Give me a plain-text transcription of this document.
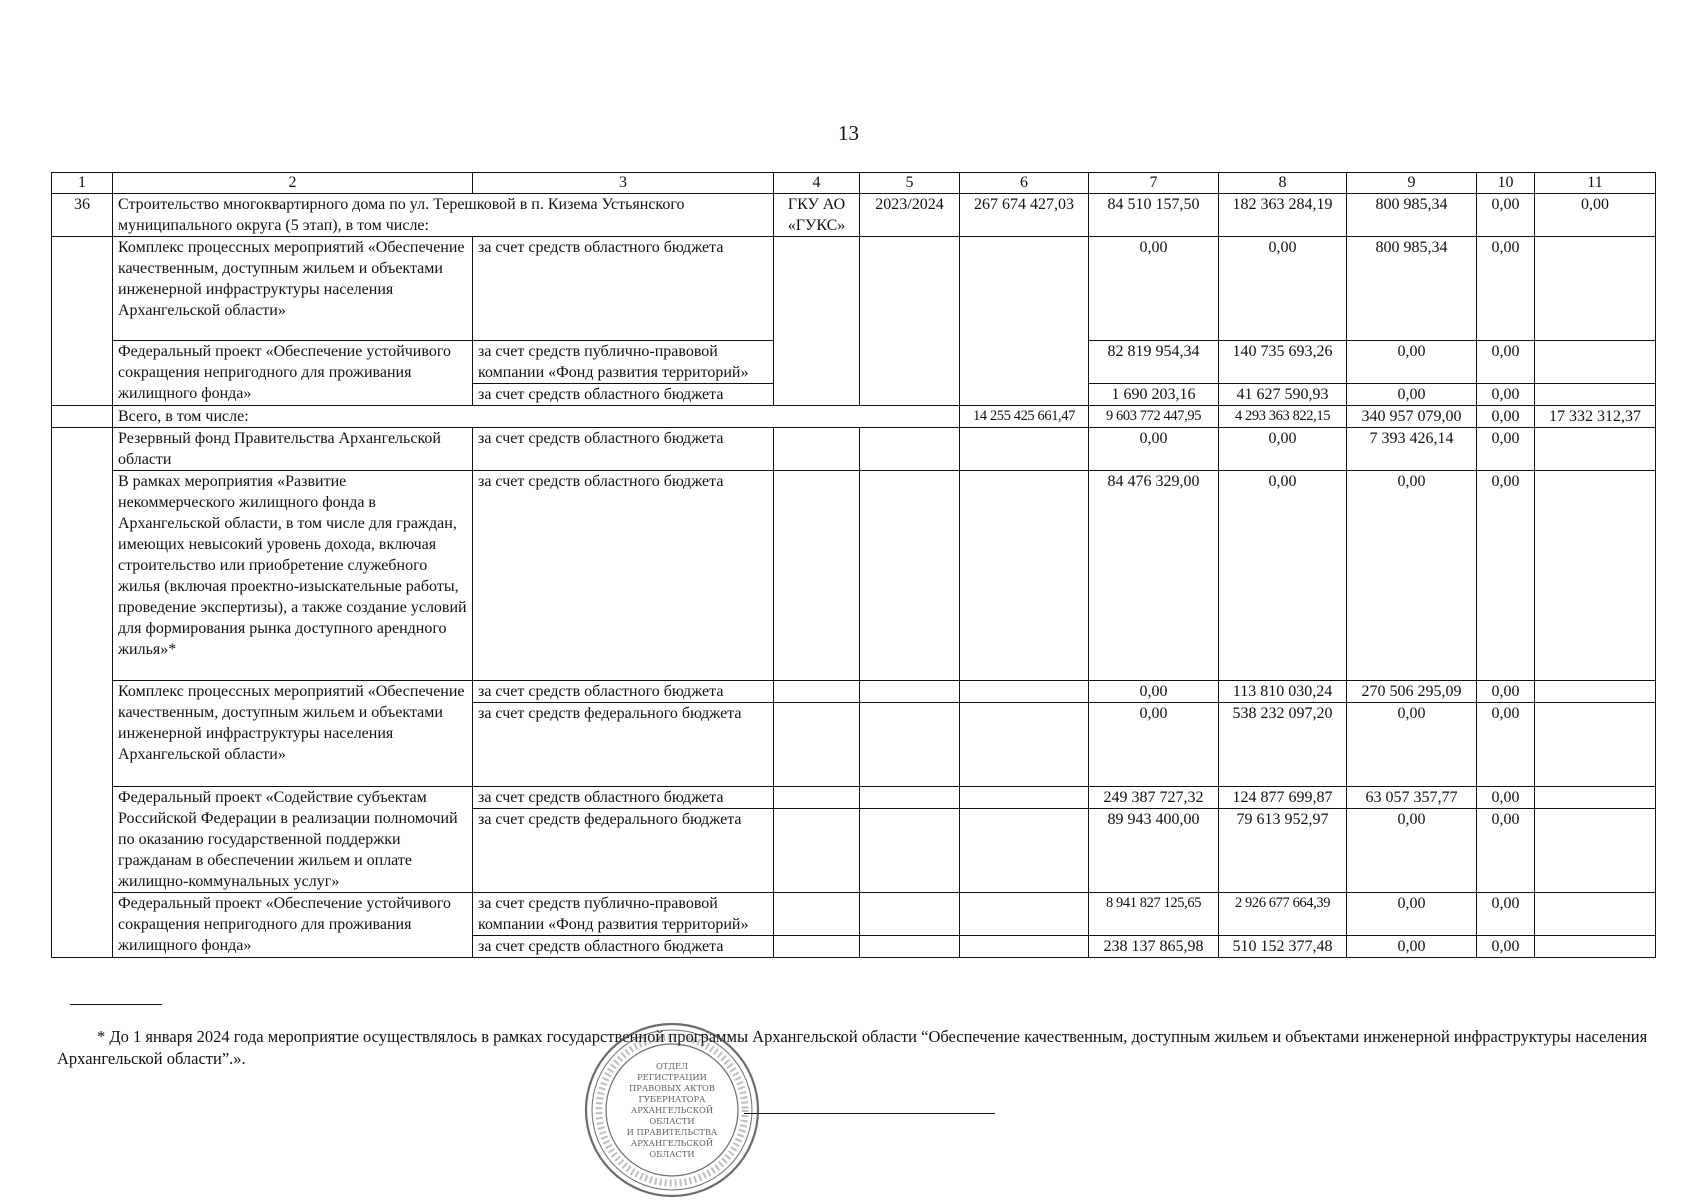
13
1	2	3	4	5	6	7	8	9	10	11
36	Строительство многоквартирного дома по ул. Терешковой в п. Кизема Устьянского муниципального округа (5 этап), в том числе:		ГКУ АО «ГУКС»	2023/2024	267 674 427,03	84 510 157,50	182 363 284,19	800 985,34	0,00	0,00
	Комплекс процессных мероприятий «Обеспечение качественным, доступным жильем и объектами инженерной инфраструктуры населения Архангельской области»	за счет средств областного бюджета				0,00	0,00	800 985,34	0,00	
	Федеральный проект «Обеспечение устойчивого сокращения непригодного для проживания жилищного фонда»	за счет средств публично-правовой компании «Фонд развития территорий»				82 819 954,34	140 735 693,26	0,00	0,00	
		за счет средств областного бюджета				1 690 203,16	41 627 590,93	0,00	0,00	
	Всего, в том числе:				14 255 425 661,47	9 603 772 447,95	4 293 363 822,15	340 957 079,00	0,00	17 332 312,37
	Резервный фонд Правительства Архангельской области	за счет средств областного бюджета				0,00	0,00	7 393 426,14	0,00	
	В рамках мероприятия «Развитие некоммерческого жилищного фонда в Архангельской области, в том числе для граждан, имеющих невысокий уровень дохода, включая строительство или приобретение служебного жилья (включая проектно-изыскательные работы, проведение экспертизы), а также создание условий для формирования рынка доступного арендного жилья»*	за счет средств областного бюджета				84 476 329,00	0,00	0,00	0,00	
	Комплекс процессных мероприятий «Обеспечение качественным, доступным жильем и объектами инженерной инфраструктуры населения Архангельской области»	за счет средств областного бюджета				0,00	113 810 030,24	270 506 295,09	0,00	
		за счет средств федерального бюджета				0,00	538 232 097,20	0,00	0,00	
	Федеральный проект «Содействие субъектам Российской Федерации в реализации полномочий по оказанию государственной поддержки гражданам в обеспечении жильем и оплате жилищно-коммунальных услуг»	за счет средств областного бюджета				249 387 727,32	124 877 699,87	63 057 357,77	0,00	
		за счет средств федерального бюджета				89 943 400,00	79 613 952,97	0,00	0,00	
	Федеральный проект «Обеспечение устойчивого сокращения непригодного для проживания жилищного фонда»	за счет средств публично-правовой компании «Фонд развития территорий»				8 941 827 125,65	2 926 677 664,39	0,00	0,00	
		за счет средств областного бюджета				238 137 865,98	510 152 377,48	0,00	0,00	
* До 1 января 2024 года мероприятие осуществлялось в рамках государственной программы Архангельской области “Обеспечение качественным, доступным жильем и объектами инженерной инфраструктуры населения Архангельской области”.».	ОТДЕЛ
РЕГИСТРАЦИИ
ПРАВОВЫХ АКТОВ
ГУБЕРНАТОРА
АРХАНГЕЛЬСКОЙ
ОБЛАСТИ
И ПРАВИТЕЛЬСТВА
АРХАНГЕЛЬСКОЙ
ОБЛАСТИ
